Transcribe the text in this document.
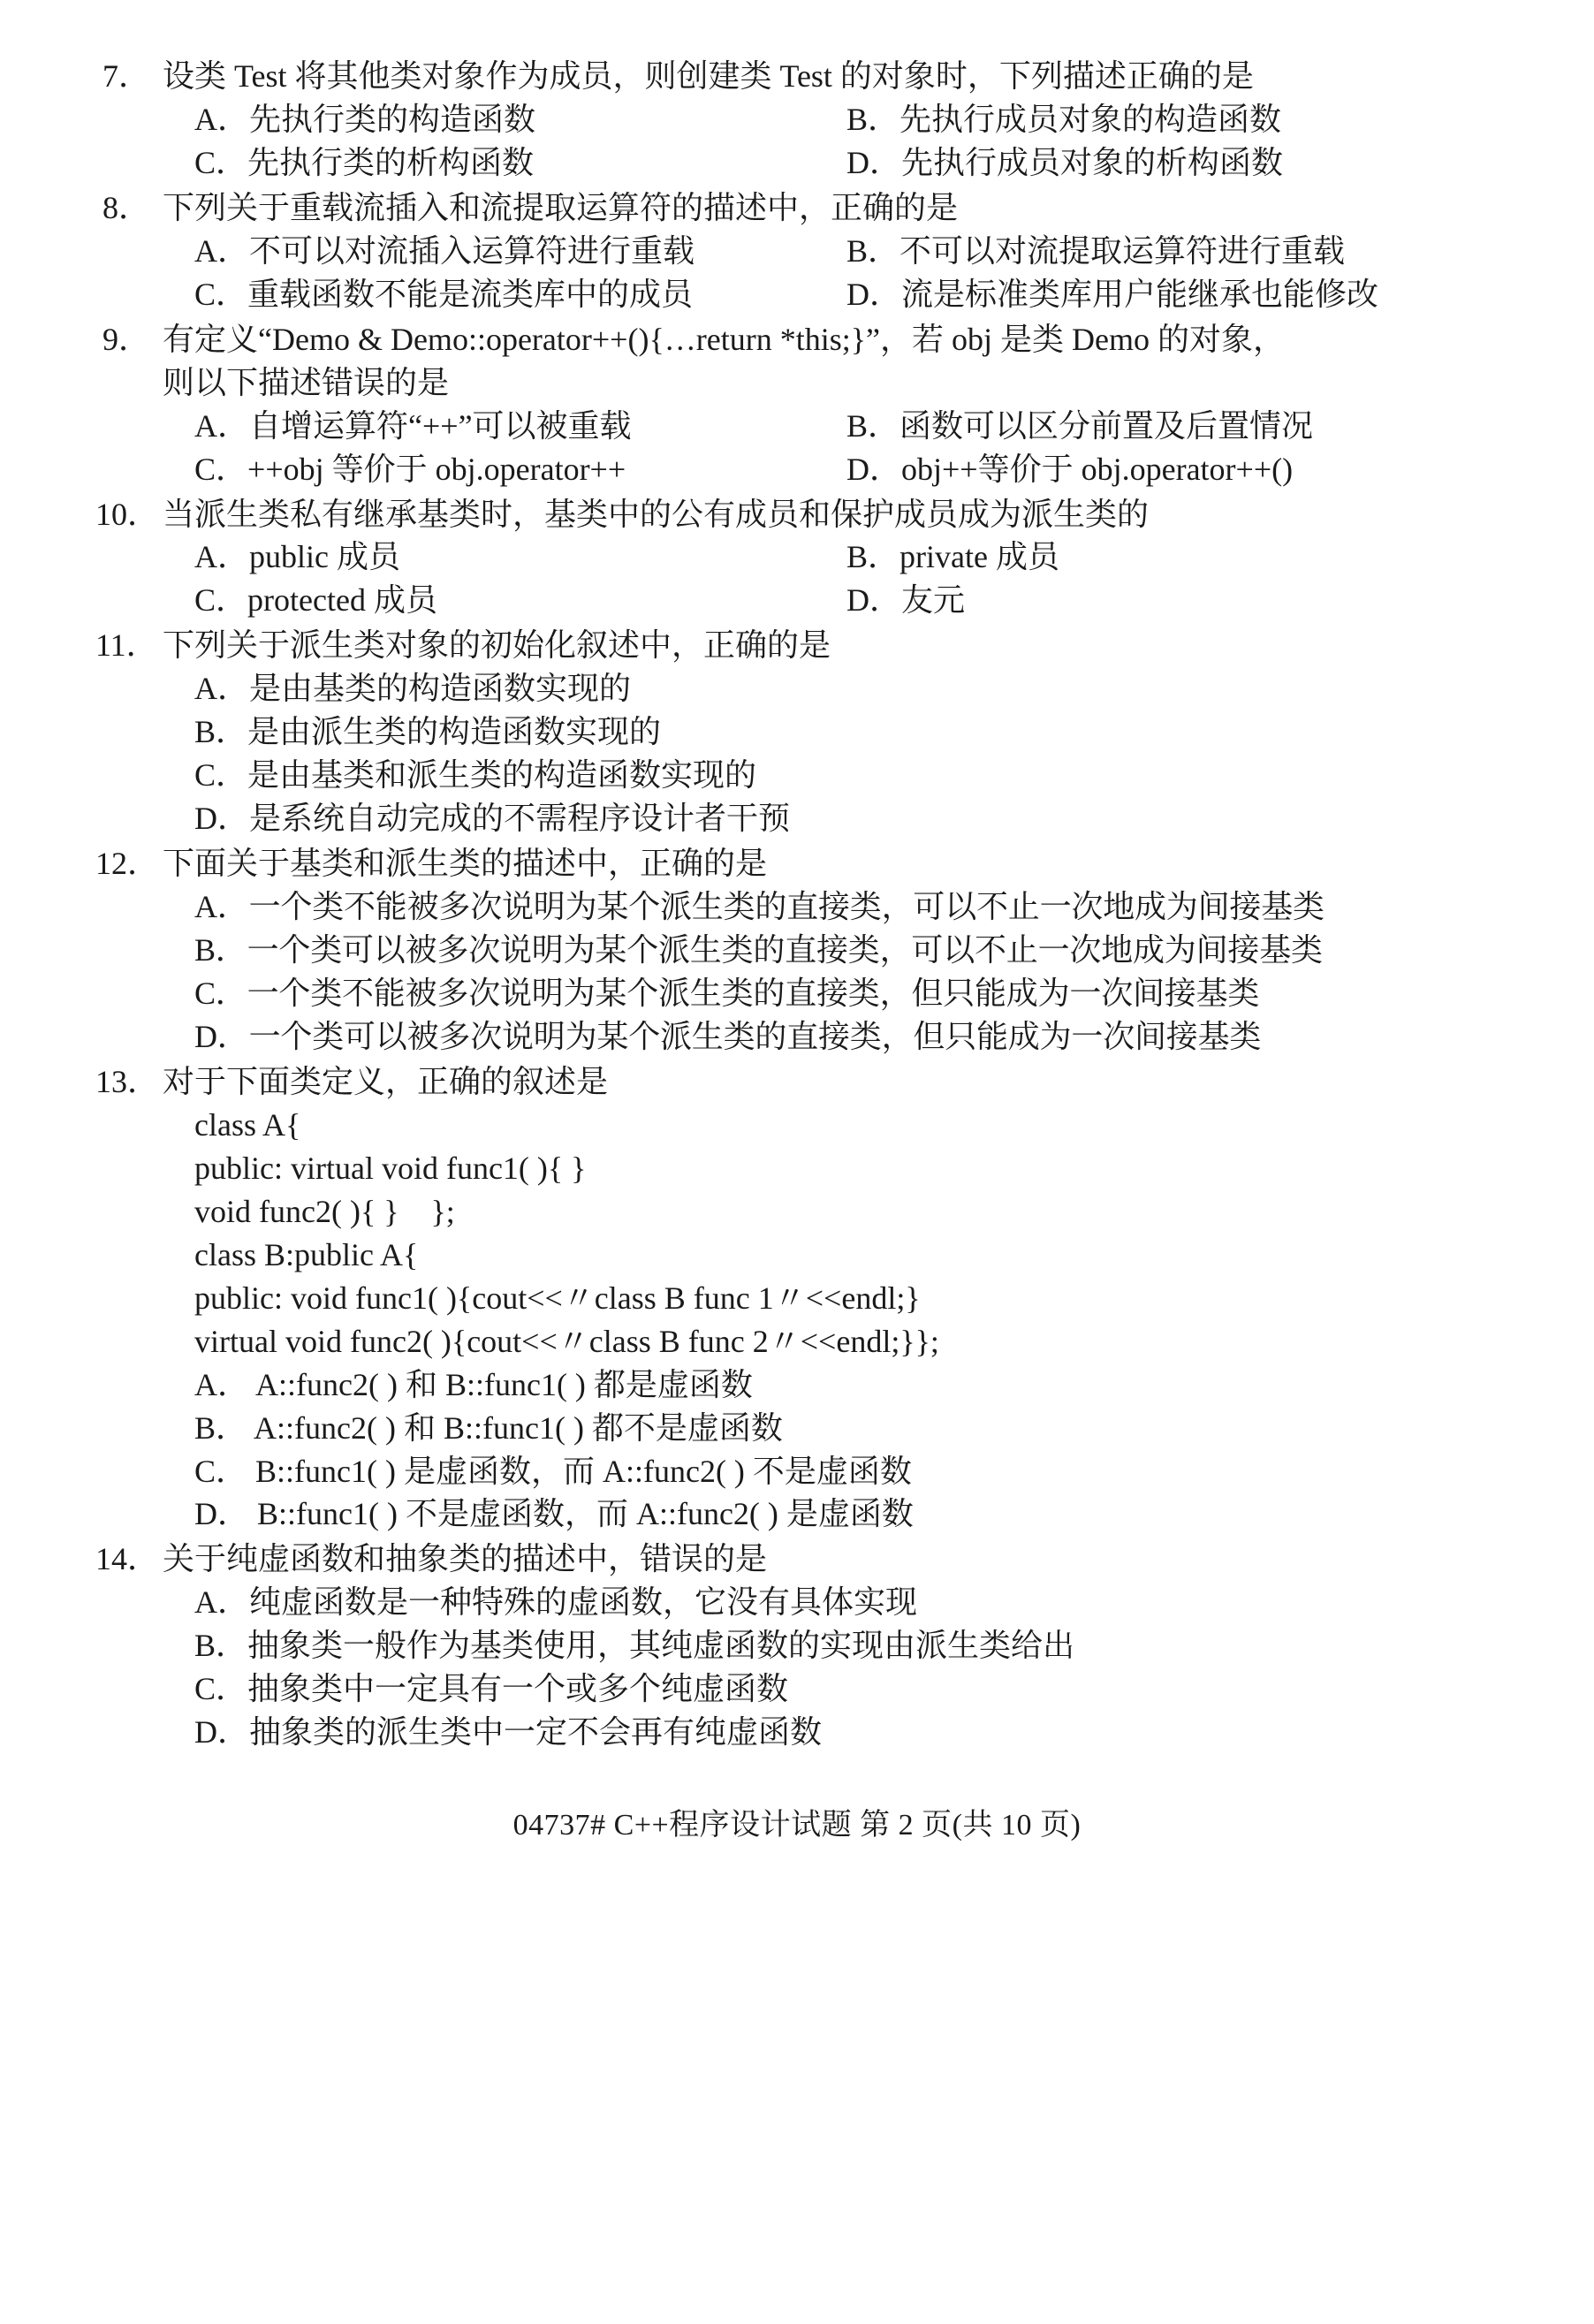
7． 设类 Test 将其他类对象作为成员，则创建类 Test 的对象时，下列描述正确的是
A．先执行类的构造函数	B．先执行成员对象的构造函数
C．先执行类的析构函数	D．先执行成员对象的析构函数
8． 下列关于重载流插入和流提取运算符的描述中，正确的是
A．不可以对流插入运算符进行重载	B．不可以对流提取运算符进行重载
C．重载函数不能是流类库中的成员	D．流是标准类库用户能继承也能修改
9． 有定义“Demo & Demo::operator++(){…return *this;}”，若 obj 是类 Demo 的对象，
则以下描述错误的是
A．自增运算符“++”可以被重载	B．函数可以区分前置及后置情况
C．++obj 等价于 obj.operator++	D．obj++等价于 obj.operator++()
10． 当派生类私有继承基类时，基类中的公有成员和保护成员成为派生类的
A．public 成员	B．private 成员
C．protected 成员	D．友元
11． 下列关于派生类对象的初始化叙述中，正确的是
A．是由基类的构造函数实现的
B．是由派生类的构造函数实现的
C．是由基类和派生类的构造函数实现的
D．是系统自动完成的不需程序设计者干预
12． 下面关于基类和派生类的描述中，正确的是
A．一个类不能被多次说明为某个派生类的直接类，可以不止一次地成为间接基类
B．一个类可以被多次说明为某个派生类的直接类，可以不止一次地成为间接基类
C．一个类不能被多次说明为某个派生类的直接类，但只能成为一次间接基类
D．一个类可以被多次说明为某个派生类的直接类，但只能成为一次间接基类
13． 对于下面类定义，正确的叙述是
class A{
public: virtual void func1( ){ }
void func2( ){ }    };
class B:public A{
public: void func1( ){cout<<〃class B func 1〃<<endl;}
virtual void func2( ){cout<<〃class B func 2〃<<endl;}};
A． A::func2( ) 和 B::func1( ) 都是虚函数
B． A::func2( ) 和 B::func1( ) 都不是虚函数
C． B::func1( ) 是虚函数，而 A::func2( ) 不是虚函数
D． B::func1( ) 不是虚函数，而 A::func2( ) 是虚函数
14． 关于纯虚函数和抽象类的描述中，错误的是
A．纯虚函数是一种特殊的虚函数，它没有具体实现
B．抽象类一般作为基类使用，其纯虚函数的实现由派生类给出
C．抽象类中一定具有一个或多个纯虚函数
D．抽象类的派生类中一定不会再有纯虚函数
04737# C++程序设计试题 第 2 页(共 10 页)
